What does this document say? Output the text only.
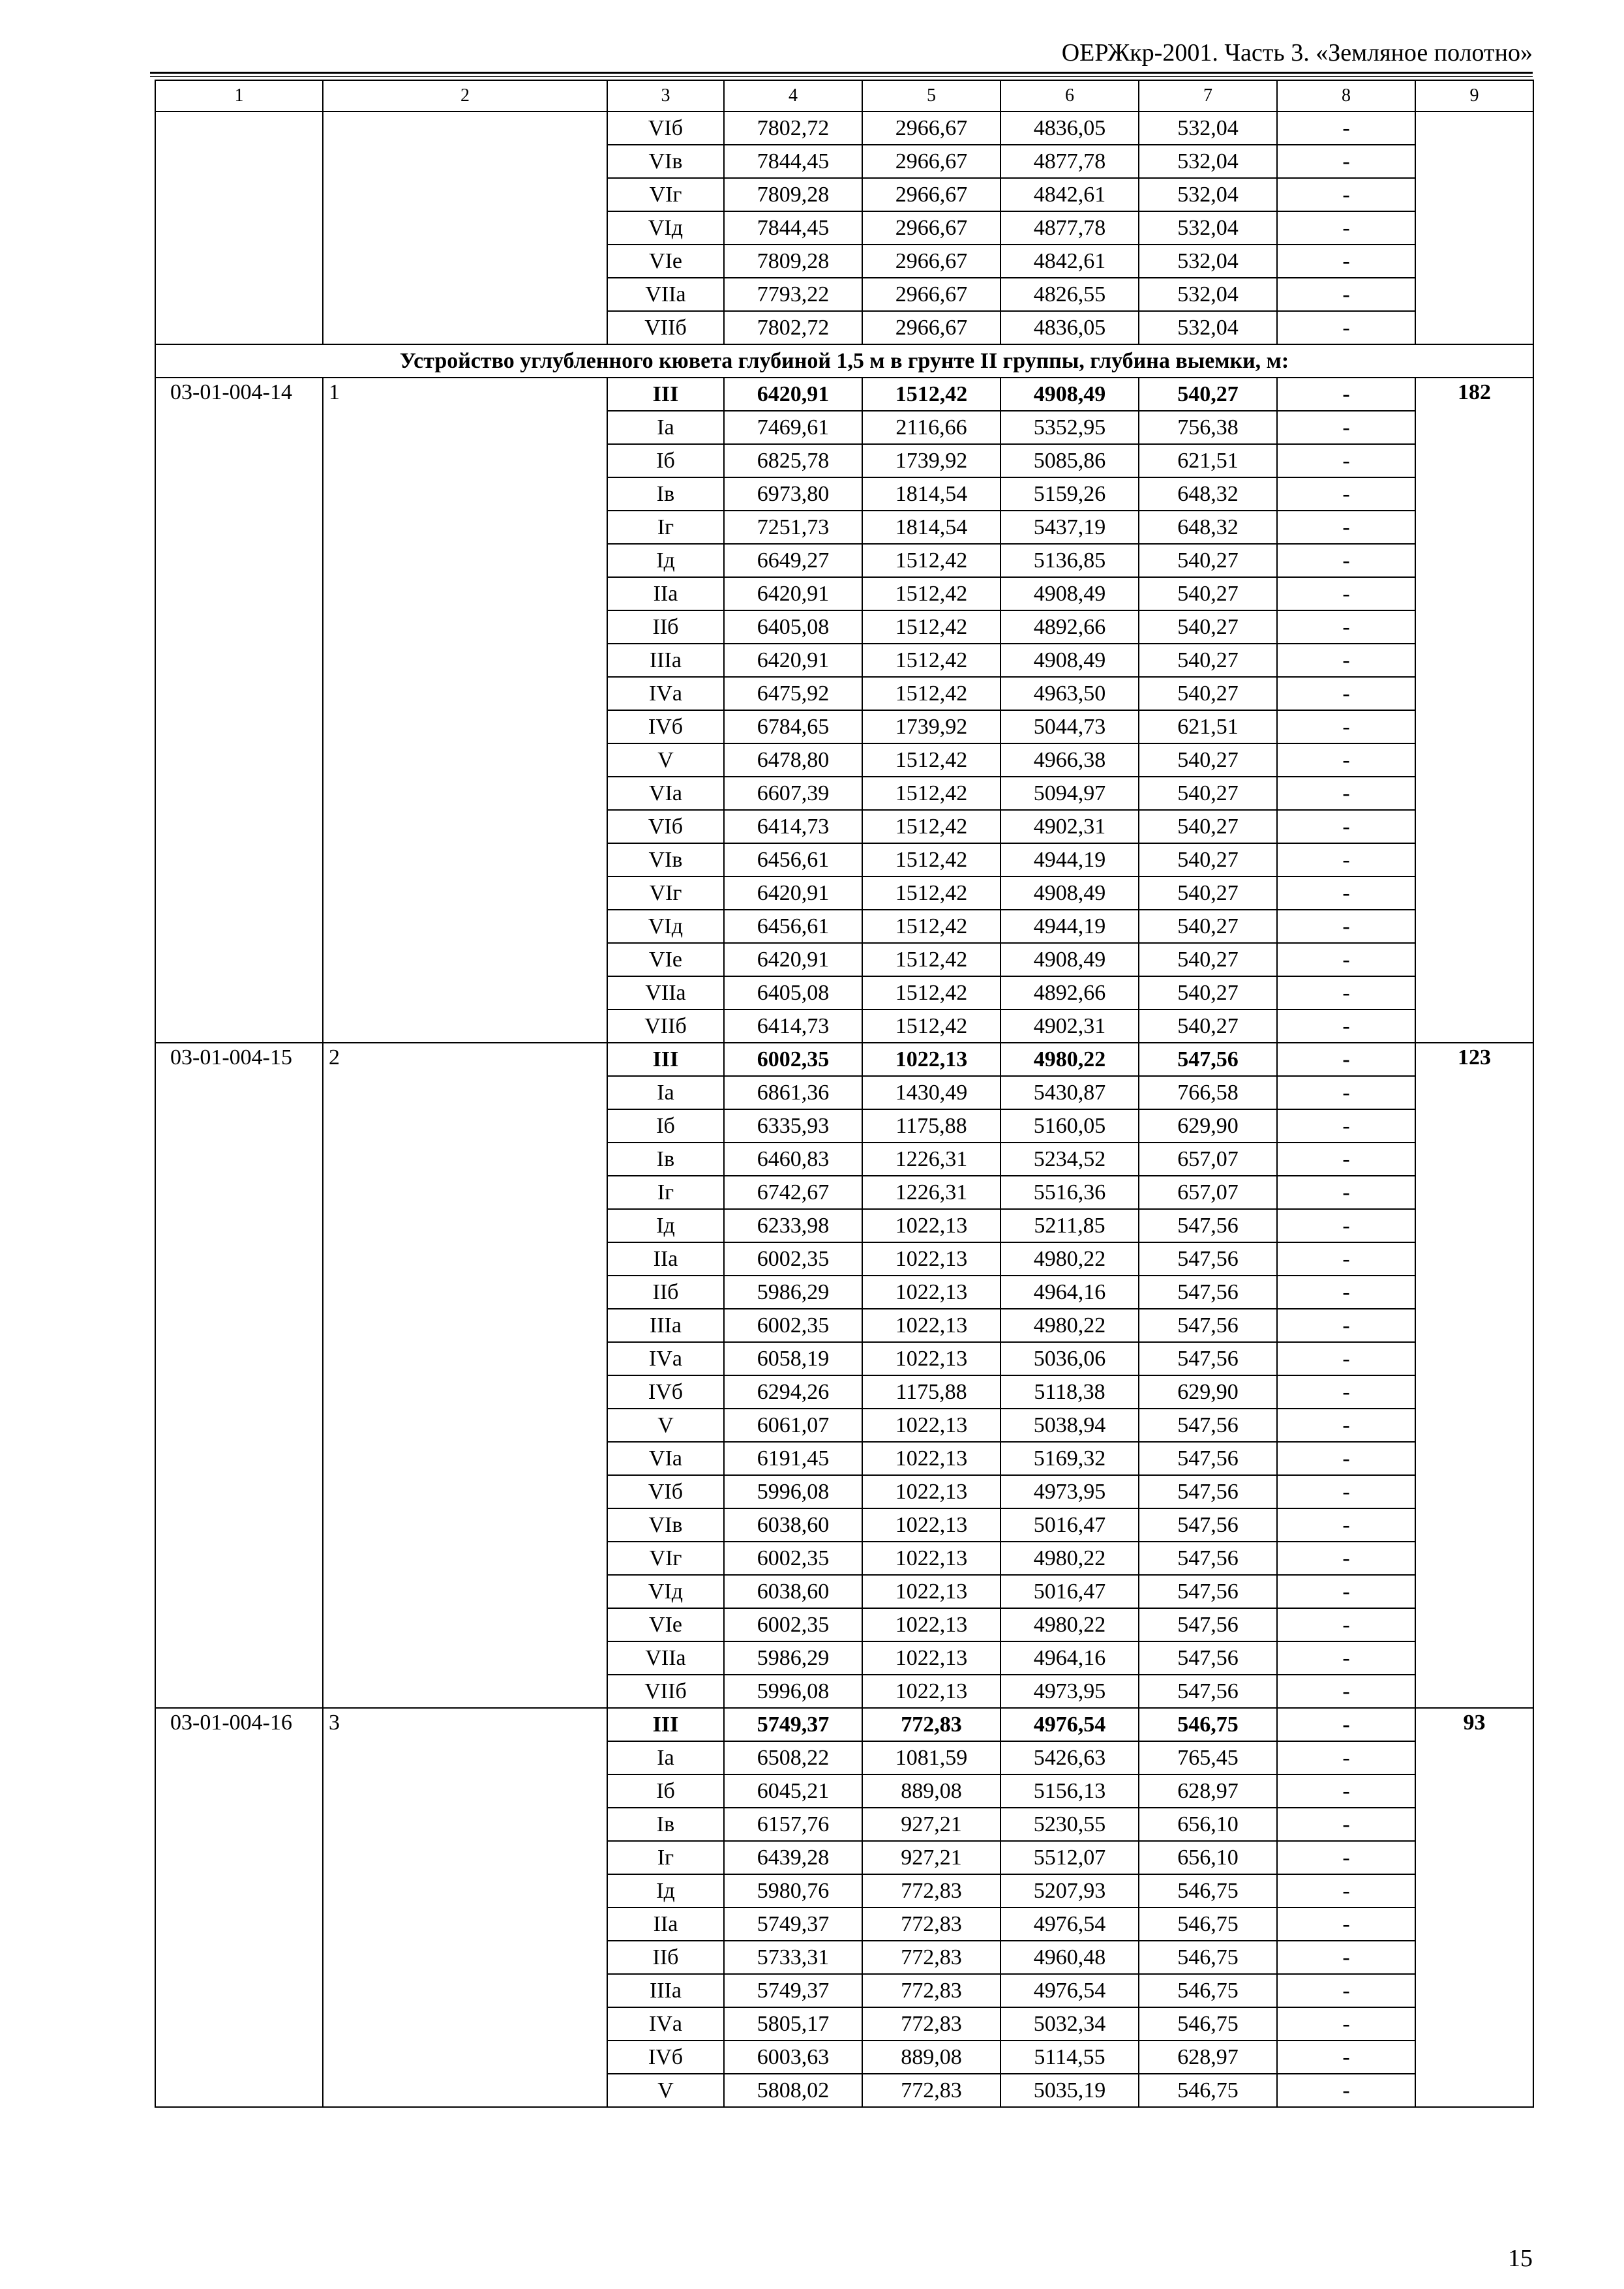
ОЕРЖкр-2001. Часть 3. «Земляное полотно»
1	2	3	4	5	6	7	8	9
		VIб	7802,72	2966,67	4836,05	532,04	-	
		VIв	7844,45	2966,67	4877,78	532,04	-	
		VIг	7809,28	2966,67	4842,61	532,04	-	
		VIд	7844,45	2966,67	4877,78	532,04	-	
		VIе	7809,28	2966,67	4842,61	532,04	-	
		VIIа	7793,22	2966,67	4826,55	532,04	-	
		VIIб	7802,72	2966,67	4836,05	532,04	-	
Устройство углубленного кювета глубиной 1,5 м в грунте II группы, глубина выемки, м:								
03-01-004-14	1	III	6420,91	1512,42	4908,49	540,27	-	182
		Iа	7469,61	2116,66	5352,95	756,38	-	
		Iб	6825,78	1739,92	5085,86	621,51	-	
		Iв	6973,80	1814,54	5159,26	648,32	-	
		Iг	7251,73	1814,54	5437,19	648,32	-	
		Iд	6649,27	1512,42	5136,85	540,27	-	
		IIа	6420,91	1512,42	4908,49	540,27	-	
		IIб	6405,08	1512,42	4892,66	540,27	-	
		IIIа	6420,91	1512,42	4908,49	540,27	-	
		IVа	6475,92	1512,42	4963,50	540,27	-	
		IVб	6784,65	1739,92	5044,73	621,51	-	
		V	6478,80	1512,42	4966,38	540,27	-	
		VIа	6607,39	1512,42	5094,97	540,27	-	
		VIб	6414,73	1512,42	4902,31	540,27	-	
		VIв	6456,61	1512,42	4944,19	540,27	-	
		VIг	6420,91	1512,42	4908,49	540,27	-	
		VIд	6456,61	1512,42	4944,19	540,27	-	
		VIе	6420,91	1512,42	4908,49	540,27	-	
		VIIа	6405,08	1512,42	4892,66	540,27	-	
		VIIб	6414,73	1512,42	4902,31	540,27	-	
03-01-004-15	2	III	6002,35	1022,13	4980,22	547,56	-	123
		Iа	6861,36	1430,49	5430,87	766,58	-	
		Iб	6335,93	1175,88	5160,05	629,90	-	
		Iв	6460,83	1226,31	5234,52	657,07	-	
		Iг	6742,67	1226,31	5516,36	657,07	-	
		Iд	6233,98	1022,13	5211,85	547,56	-	
		IIа	6002,35	1022,13	4980,22	547,56	-	
		IIб	5986,29	1022,13	4964,16	547,56	-	
		IIIа	6002,35	1022,13	4980,22	547,56	-	
		IVа	6058,19	1022,13	5036,06	547,56	-	
		IVб	6294,26	1175,88	5118,38	629,90	-	
		V	6061,07	1022,13	5038,94	547,56	-	
		VIа	6191,45	1022,13	5169,32	547,56	-	
		VIб	5996,08	1022,13	4973,95	547,56	-	
		VIв	6038,60	1022,13	5016,47	547,56	-	
		VIг	6002,35	1022,13	4980,22	547,56	-	
		VIд	6038,60	1022,13	5016,47	547,56	-	
		VIе	6002,35	1022,13	4980,22	547,56	-	
		VIIа	5986,29	1022,13	4964,16	547,56	-	
		VIIб	5996,08	1022,13	4973,95	547,56	-	
03-01-004-16	3	III	5749,37	772,83	4976,54	546,75	-	93
		Iа	6508,22	1081,59	5426,63	765,45	-	
		Iб	6045,21	889,08	5156,13	628,97	-	
		Iв	6157,76	927,21	5230,55	656,10	-	
		Iг	6439,28	927,21	5512,07	656,10	-	
		Iд	5980,76	772,83	5207,93	546,75	-	
		IIа	5749,37	772,83	4976,54	546,75	-	
		IIб	5733,31	772,83	4960,48	546,75	-	
		IIIа	5749,37	772,83	4976,54	546,75	-	
		IVа	5805,17	772,83	5032,34	546,75	-	
		IVб	6003,63	889,08	5114,55	628,97	-	
		V	5808,02	772,83	5035,19	546,75	-	
15
